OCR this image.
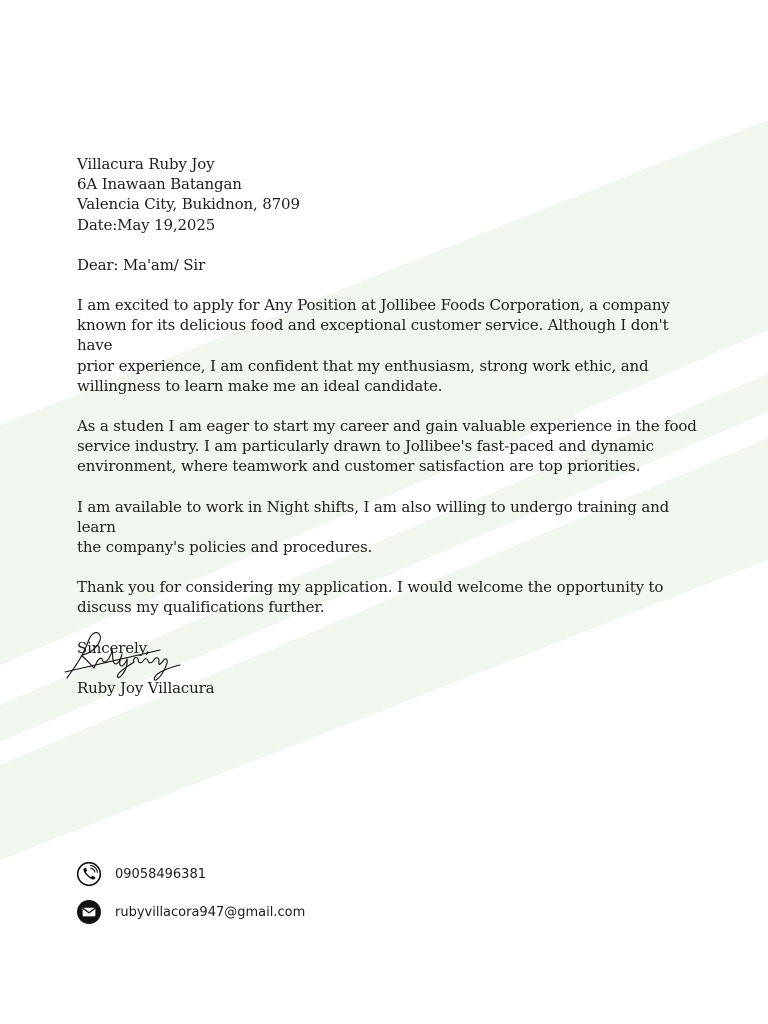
Villacura Ruby Joy

6A Inawaan Batangan

Valencia City, Bukidnon, 8709

Date:May 19,2025

Dear: Ma'am/ Sir

I am excited to apply for Any Position at Jollibee Foods Corporation, a company

known for its delicious food and exceptional customer service. Although I don't have

prior experience, I am confident that my enthusiasm, strong work ethic, and

willingness to learn make me an ideal candidate.

As a studen I am eager to start my career and gain valuable experience in the food

service industry. I am particularly drawn to Jollibee's fast-paced and dynamic

environment, where teamwork and customer satisfaction are top priorities.

I am available to work in Night shifts, I am also willing to undergo training and learn

the company's policies and procedures.

Thank you for considering my application. I would welcome the opportunity to

discuss my qualifications further.

Sincerely,

Ruby Joy Villacura

09058496381
rubyvillacora947@gmail.com
